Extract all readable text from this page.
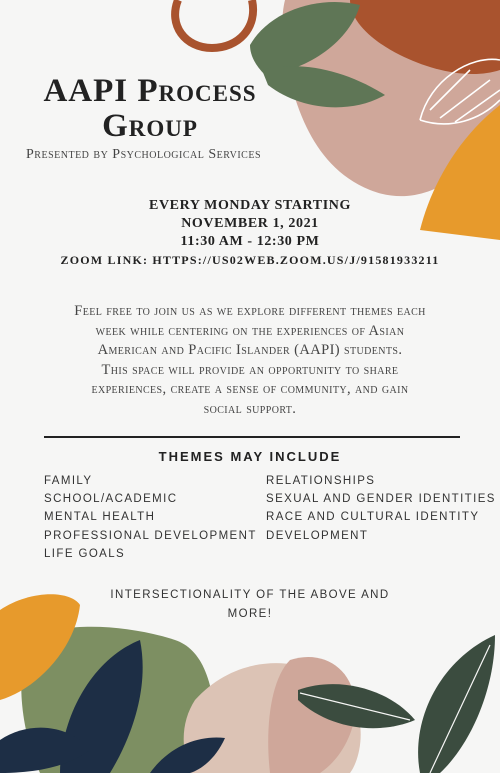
AAPI Process
Group
Presented by Psychological Services
EVERY MONDAY STARTING
NOVEMBER 1, 2021
11:30 AM - 12:30 PM
ZOOM LINK: HTTPS://US02WEB.ZOOM.US/J/91581933211
Feel free to join us as we explore different themes each
week while centering on the experiences of Asian
American and Pacific Islander (AAPI) students.
This space will provide an opportunity to share
experiences, create a sense of community, and gain
social support.
THEMES MAY INCLUDE
FAMILY
SCHOOL/ACADEMIC
MENTAL HEALTH
PROFESSIONAL DEVELOPMENT
LIFE GOALS
RELATIONSHIPS
SEXUAL AND GENDER IDENTITIES
RACE AND CULTURAL IDENTITY
DEVELOPMENT
INTERSECTIONALITY OF THE ABOVE AND
MORE!
